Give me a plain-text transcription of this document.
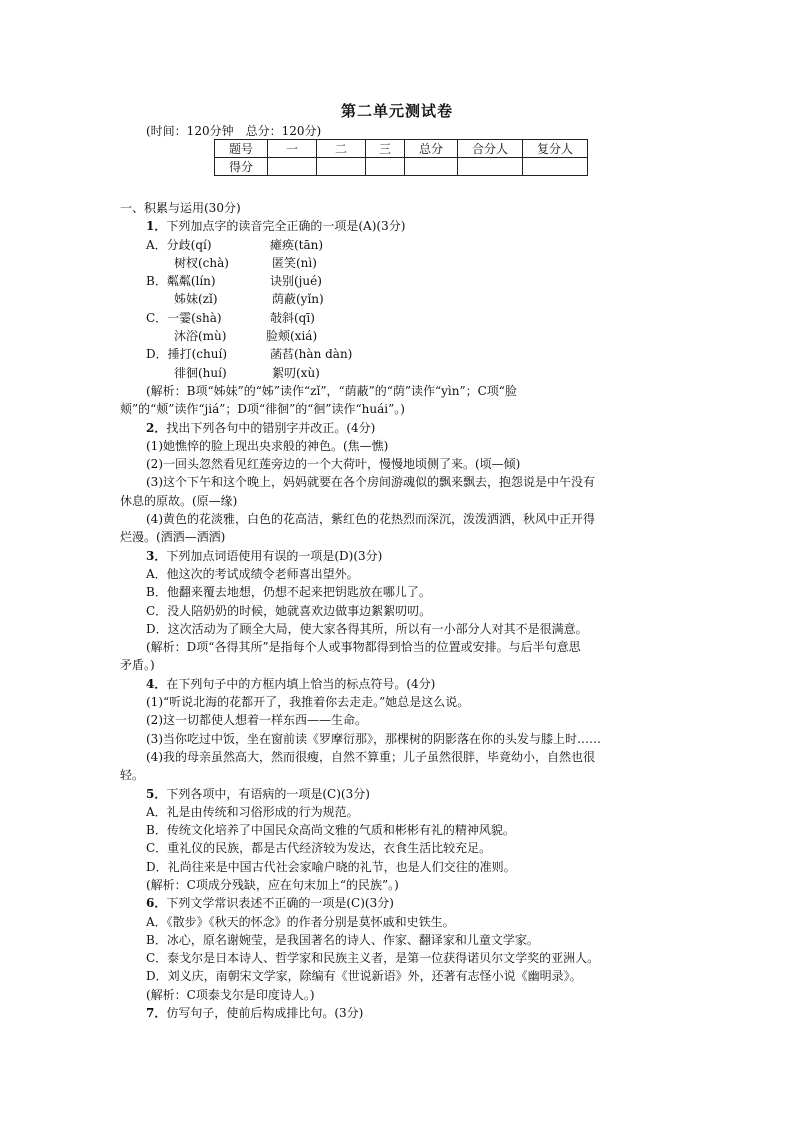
第二单元测试卷
(时间：120分钟　总分：120分)
题号	一	二	三	总分	合分人	复分人
得分						
一、积累与运用(30分)
1．下列加点字的读音完全正确的一项是(A)(3分)
A．分歧(qí)	瘫痪(tān)
树杈(chà)	匿笑(nì)
B．粼粼(lín)	诀别(jué)
姊妹(zǐ)	荫蔽(yǐn)
C．一霎(shà)	敧斜(qī)
沐浴(mù)	脸颊(xiá)
D．捶打(chuí)	菡萏(hàn dàn)
徘徊(huí)	絮叨(xù)
(解析：B项“姊妹”的“姊”读作“zǐ”，“荫蔽”的“荫”读作“yìn”；C项“脸
颊”的“颊”读作“jiá”；D项“徘徊”的“徊”读作“huái”。)
2．找出下列各句中的错别字并改正。(4分)
(1)她憔悴的脸上现出央求般的神色。(焦—憔)
(2)一回头忽然看见红莲旁边的一个大荷叶，慢慢地顷侧了来。(顷—倾)
(3)这个下午和这个晚上，妈妈就要在各个房间游魂似的飘来飘去，抱怨说是中午没有
休息的原故。(原—缘)
(4)黄色的花淡雅，白色的花高洁，紫红色的花热烈而深沉，泼泼洒洒，秋风中正开得
烂漫。(洒洒—洒洒)
3．下列加点词语使用有误的一项是(D)(3分)
A．他这次的考试成绩令老师喜出望外。
B．他翻来覆去地想，仍想不起来把钥匙放在哪儿了。
C．没人陪奶奶的时候，她就喜欢边做事边絮絮叨叨。
D．这次活动为了顾全大局，使大家各得其所，所以有一小部分人对其不是很满意。
(解析：D项“各得其所”是指每个人或事物都得到恰当的位置或安排。与后半句意思
矛盾。)
4．在下列句子中的方框内填上恰当的标点符号。(4分)
(1)“听说北海的花都开了，我推着你去走走。”她总是这么说。
(2)这一切都使人想着一样东西——生命。
(3)当你吃过中饭，坐在窗前读《罗摩衍那》，那棵树的阴影落在你的头发与膝上时……
(4)我的母亲虽然高大，然而很瘦，自然不算重；儿子虽然很胖，毕竟幼小，自然也很
轻。
5．下列各项中，有语病的一项是(C)(3分)
A．礼是由传统和习俗形成的行为规范。
B．传统文化培养了中国民众高尚文雅的气质和彬彬有礼的精神风貌。
C．重礼仪的民族，都是古代经济较为发达，衣食生活比较充足。
D．礼尚往来是中国古代社会家喻户晓的礼节，也是人们交往的准则。
(解析：C项成分残缺，应在句末加上“的民族”。)
6．下列文学常识表述不正确的一项是(C)(3分)
A．《散步》《秋天的怀念》的作者分别是莫怀戚和史铁生。
B．冰心，原名谢婉莹，是我国著名的诗人、作家、翻译家和儿童文学家。
C．泰戈尔是日本诗人、哲学家和民族主义者，是第一位获得诺贝尔文学奖的亚洲人。
D．刘义庆，南朝宋文学家，除编有《世说新语》外，还著有志怪小说《幽明录》。
(解析：C项泰戈尔是印度诗人。)
7．仿写句子，使前后构成排比句。(3分)
